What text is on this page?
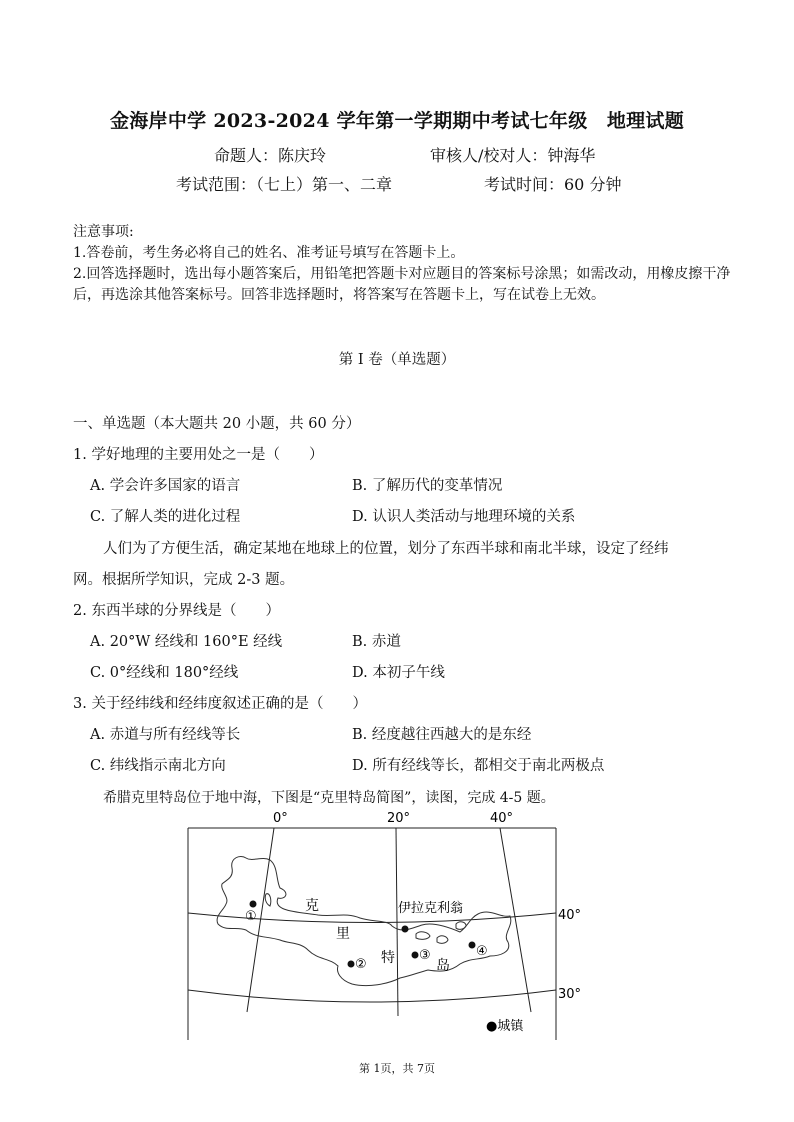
金海岸中学 2023-2024 学年第一学期期中考试七年级　地理试题
命题人：陈庆玲	审核人/校对人：钟海华
考试范围：（七上）第一、二章	考试时间：60 分钟
注意事项:
1.答卷前，考生务必将自己的姓名、准考证号填写在答题卡上。
2.回答选择题时，选出每小题答案后，用铅笔把答题卡对应题目的答案标号涂黑；如需改动，用橡皮擦干净后，再选涂其他答案标号。回答非选择题时，将答案写在答题卡上，写在试卷上无效。
第 I 卷（单选题）
一、单选题（本大题共 20 小题，共 60 分）
1. 学好地理的主要用处之一是（　　）
A. 学会许多国家的语言	B. 了解历代的变革情况
C. 了解人类的进化过程	D. 认识人类活动与地理环境的关系
人们为了方便生活，确定某地在地球上的位置，划分了东西半球和南北半球，设定了经纬
网。根据所学知识，完成 2-3 题。
2. 东西半球的分界线是（　　）
A. 20°W 经线和 160°E 经线	B. 赤道
C. 0°经线和 180°经线	D. 本初子午线
3. 关于经纬线和经纬度叙述正确的是（　　）
A. 赤道与所有经线等长	B. 经度越往西越大的是东经
C. 纬线指示南北方向	D. 所有经线等长，都相交于南北两极点
希腊克里特岛位于地中海，下图是“克里特岛简图”，读图，完成 4-5 题。
0°	20°	40°
40°
30°
克
里
特	岛
伊拉克利翁
①
②
③	④
●城镇
第 1页，共 7页
